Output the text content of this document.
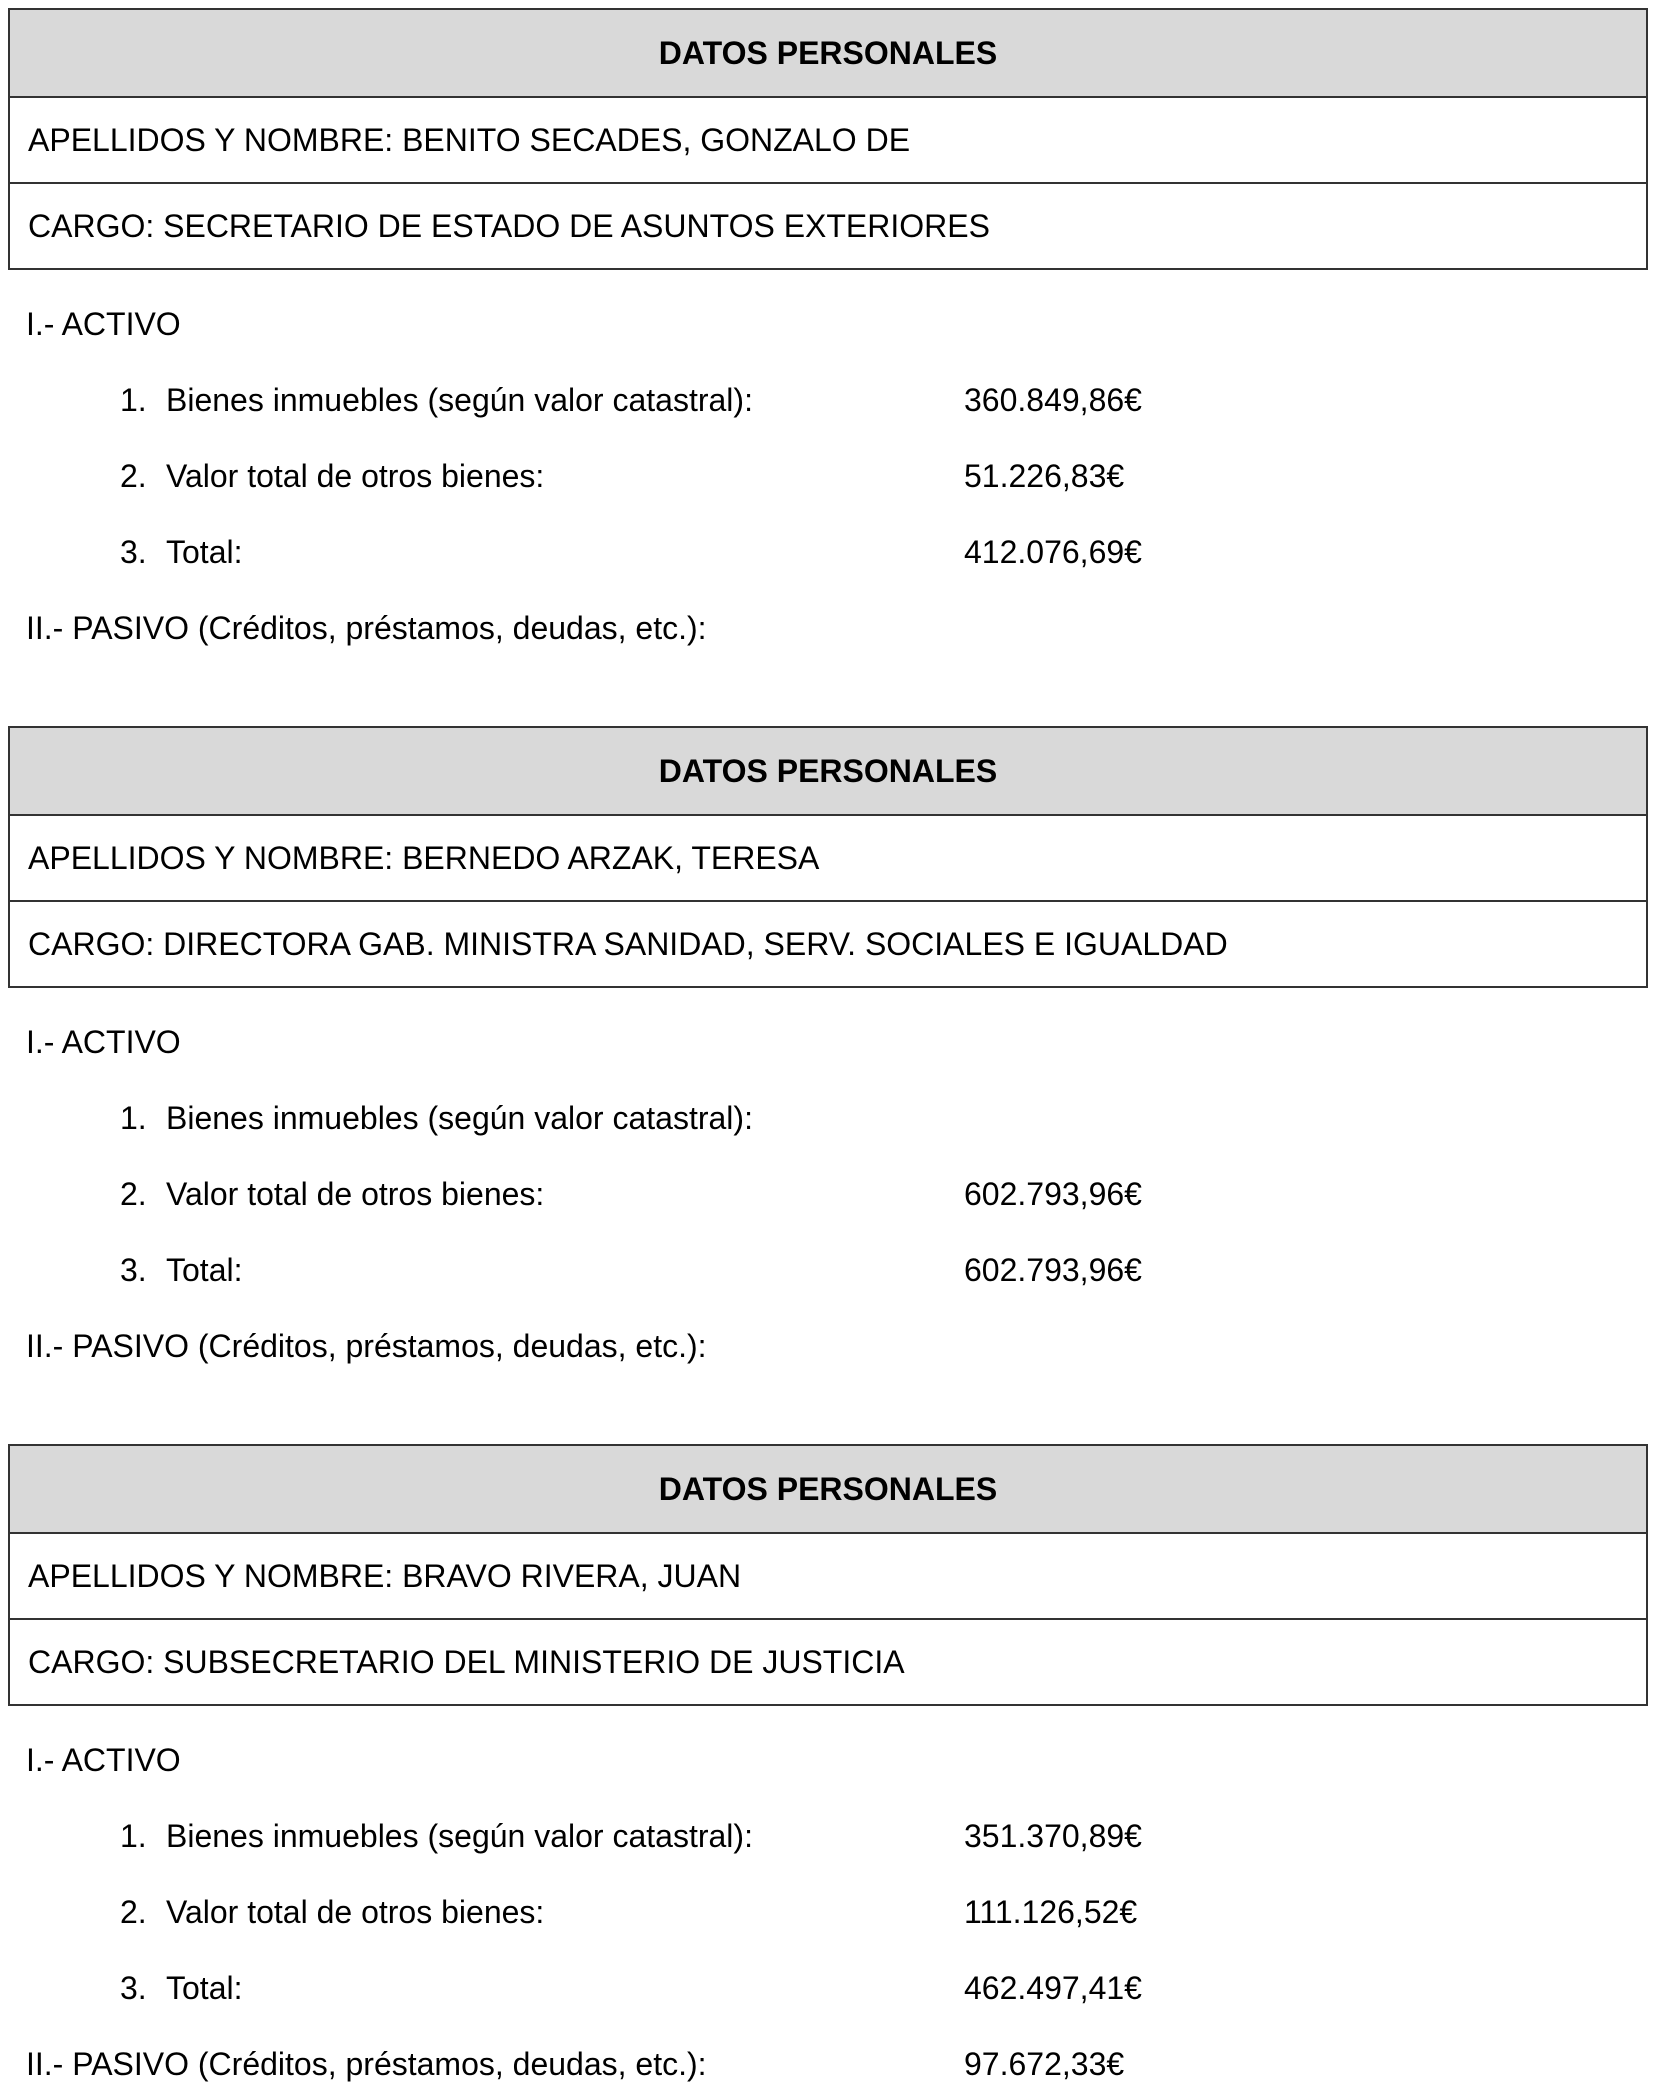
DATOS PERSONALES
APELLIDOS Y NOMBRE: BENITO SECADES, GONZALO DE
CARGO: SECRETARIO DE ESTADO DE ASUNTOS EXTERIORES
I.- ACTIVO
1. Bienes inmuebles (según valor catastral):	360.849,86€
2. Valor total de otros bienes:	51.226,83€
3. Total:	412.076,69€
II.- PASIVO (Créditos, préstamos, deudas, etc.):
DATOS PERSONALES
APELLIDOS Y NOMBRE: BERNEDO ARZAK, TERESA
CARGO: DIRECTORA GAB. MINISTRA SANIDAD, SERV. SOCIALES E IGUALDAD
I.- ACTIVO
1. Bienes inmuebles (según valor catastral):
2. Valor total de otros bienes:	602.793,96€
3. Total:	602.793,96€
II.- PASIVO (Créditos, préstamos, deudas, etc.):
DATOS PERSONALES
APELLIDOS Y NOMBRE: BRAVO RIVERA, JUAN
CARGO: SUBSECRETARIO DEL MINISTERIO DE JUSTICIA
I.- ACTIVO
1. Bienes inmuebles (según valor catastral):	351.370,89€
2. Valor total de otros bienes:	111.126,52€
3. Total:	462.497,41€
II.- PASIVO (Créditos, préstamos, deudas, etc.):	97.672,33€
